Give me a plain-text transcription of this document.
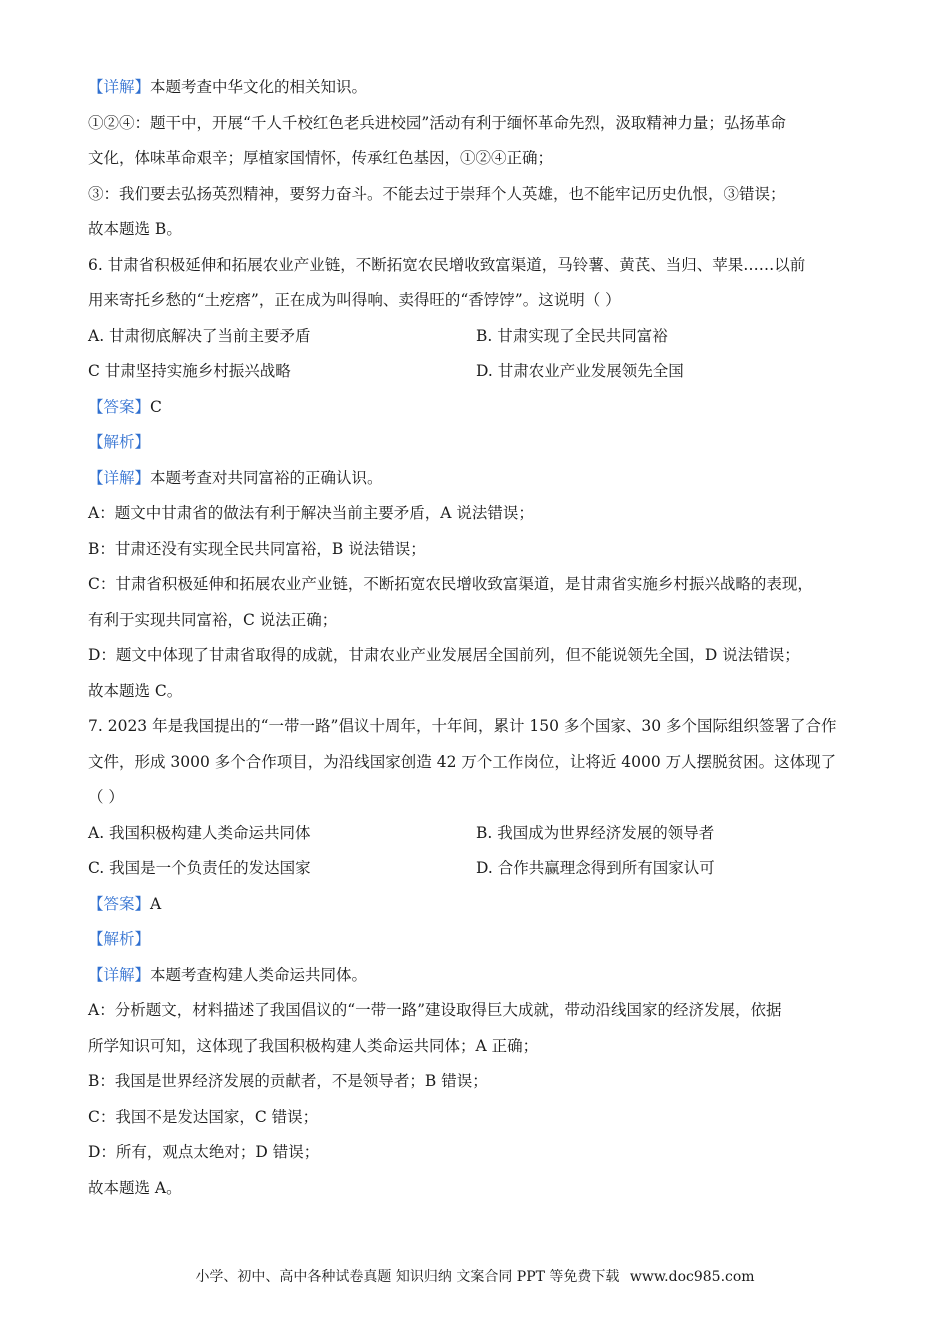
【详解】本题考查中华文化的相关知识。
①②④：题干中，开展“千人千校红色老兵进校园”活动有利于缅怀革命先烈，汲取精神力量；弘扬革命
文化，体味革命艰辛；厚植家国情怀，传承红色基因，①②④正确；
③：我们要去弘扬英烈精神，要努力奋斗。不能去过于崇拜个人英雄，也不能牢记历史仇恨，③错误；
故本题选 B。
6. 甘肃省积极延伸和拓展农业产业链，不断拓宽农民增收致富渠道，马铃薯、黄芪、当归、苹果……以前
用来寄托乡愁的“土疙瘩”，正在成为叫得响、卖得旺的“香饽饽”。这说明（ ）
A. 甘肃彻底解决了当前主要矛盾	B. 甘肃实现了全民共同富裕
C 甘肃坚持实施乡村振兴战略	D. 甘肃农业产业发展领先全国
【答案】C
【解析】
【详解】本题考查对共同富裕的正确认识。
A：题文中甘肃省的做法有利于解决当前主要矛盾，A 说法错误；
B：甘肃还没有实现全民共同富裕，B 说法错误；
C：甘肃省积极延伸和拓展农业产业链，不断拓宽农民增收致富渠道，是甘肃省实施乡村振兴战略的表现，
有利于实现共同富裕，C 说法正确；
D：题文中体现了甘肃省取得的成就，甘肃农业产业发展居全国前列，但不能说领先全国，D 说法错误；
故本题选 C。
7. 2023 年是我国提出的“一带一路”倡议十周年，十年间，累计 150 多个国家、30 多个国际组织签署了合作
文件，形成 3000 多个合作项目，为沿线国家创造 42 万个工作岗位，让将近 4000 万人摆脱贫困。这体现了
（ ）
A. 我国积极构建人类命运共同体	B. 我国成为世界经济发展的领导者
C. 我国是一个负责任的发达国家	D. 合作共赢理念得到所有国家认可
【答案】A
【解析】
【详解】本题考查构建人类命运共同体。
A：分析题文，材料描述了我国倡议的“一带一路”建设取得巨大成就，带动沿线国家的经济发展，依据
所学知识可知，这体现了我国积极构建人类命运共同体；A 正确；
B：我国是世界经济发展的贡献者，不是领导者；B 错误；
C：我国不是发达国家，C 错误；
D：所有，观点太绝对；D 错误；
故本题选 A。
小学、初中、高中各种试卷真题 知识归纳 文案合同 PPT 等免费下载 www.doc985.com
